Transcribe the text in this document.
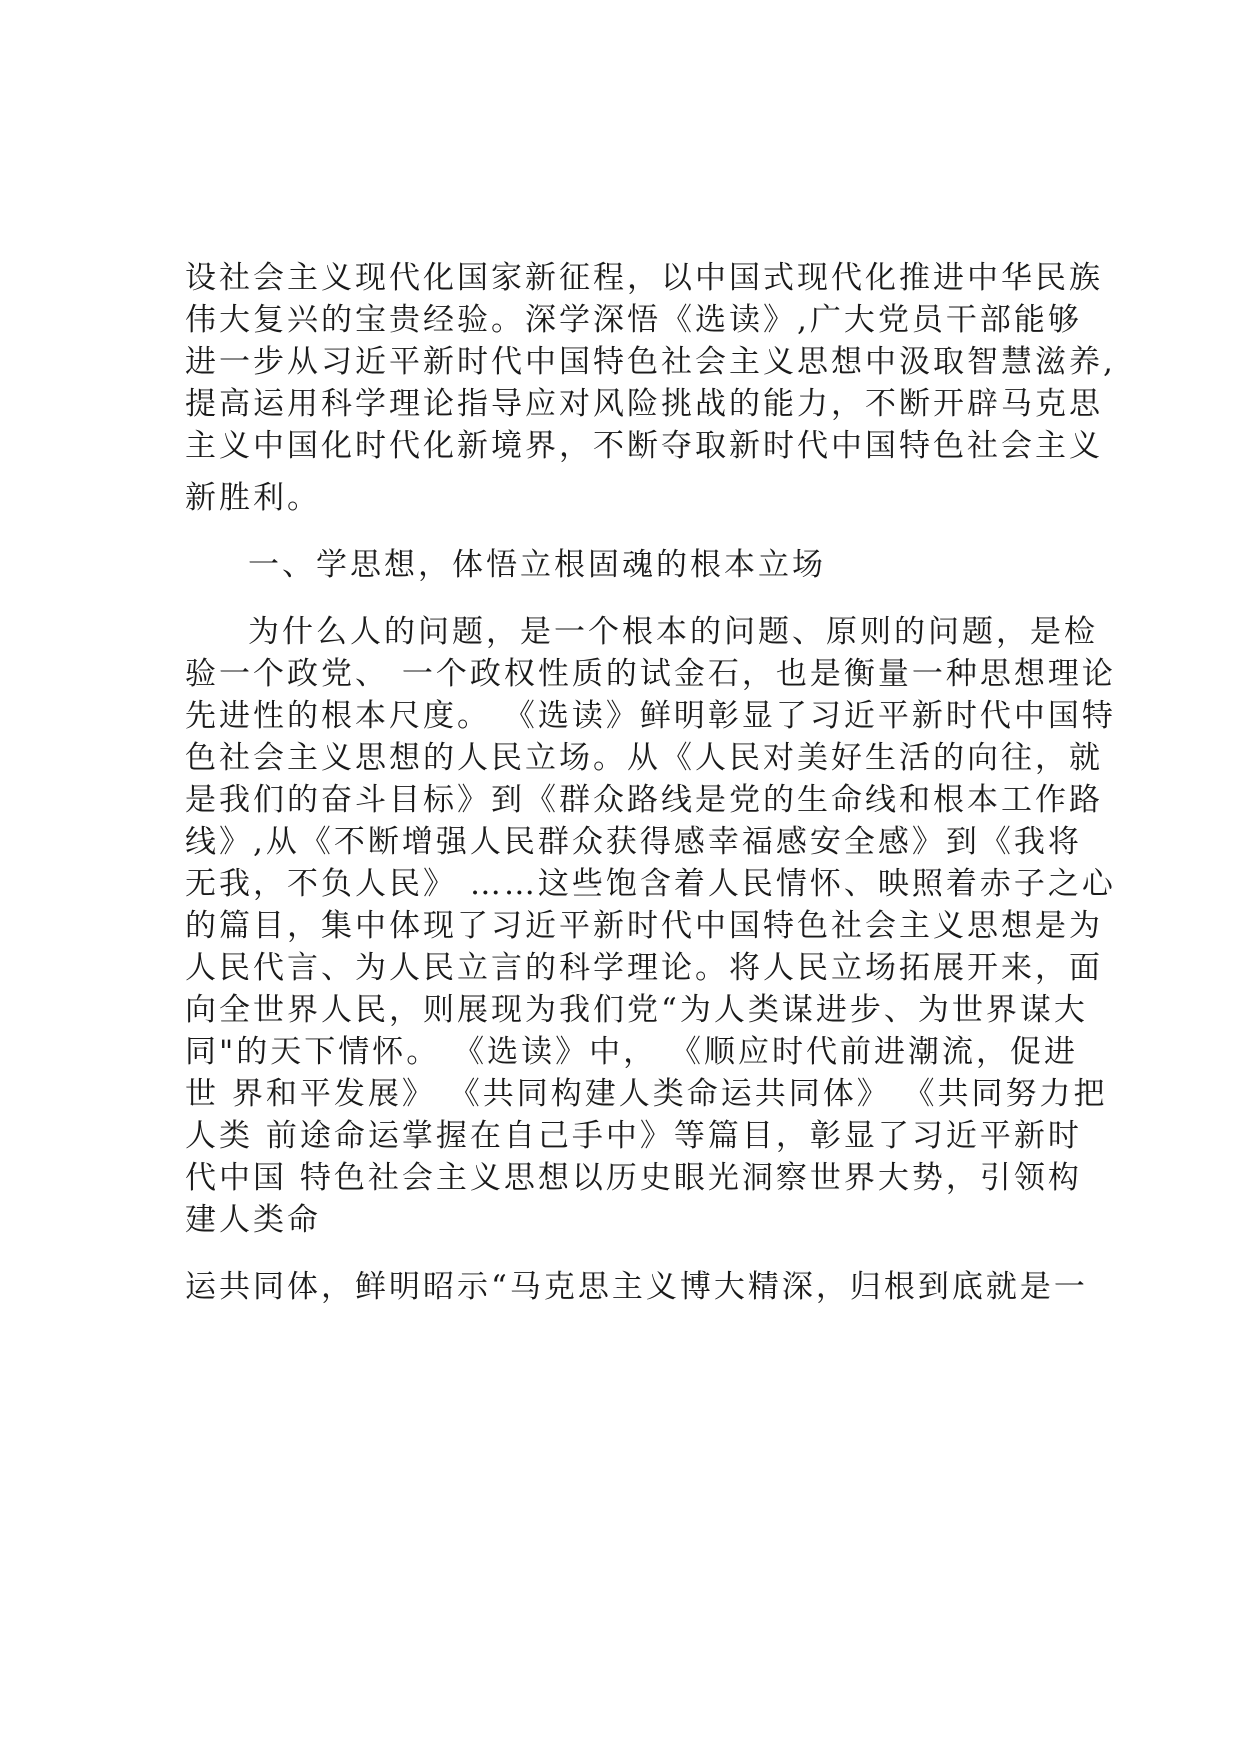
设社会主义现代化国家新征程，以中国式现代化推进中华民族

伟大复兴的宝贵经验。深学深悟《选读》,广大党员干部能够

进一步从习近平新时代中国特色社会主义思想中汲取智慧滋养,

提高运用科学理论指导应对风险挑战的能力，不断开辟马克思

主义中国化时代化新境界，不断夺取新时代中国特色社会主义

新胜利。

一、学思想，体悟立根固魂的根本立场

为什么人的问题，是一个根本的问题、原则的问题，是检

验一个政党、 一个政权性质的试金石，也是衡量一种思想理论

先进性的根本尺度。 《选读》鲜明彰显了习近平新时代中国特

色社会主义思想的人民立场。从《人民对美好生活的向往，就

是我们的奋斗目标》到《群众路线是党的生命线和根本工作路

线》,从《不断增强人民群众获得感幸福感安全感》到《我将

无我，不负人民》 ……这些饱含着人民情怀、映照着赤子之心

的篇目，集中体现了习近平新时代中国特色社会主义思想是为

人民代言、为人民立言的科学理论。将人民立场拓展开来，面

向全世界人民，则展现为我们党“为人类谋进步、为世界谋大

同"的天下情怀。 《选读》中， 《顺应时代前进潮流，促进

世 界和平发展》 《共同构建人类命运共同体》 《共同努力把

人类 前途命运掌握在自己手中》等篇目，彰显了习近平新时

代中国 特色社会主义思想以历史眼光洞察世界大势，引领构

建人类命

运共同体，鲜明昭示“马克思主义博大精深，归根到底就是一
